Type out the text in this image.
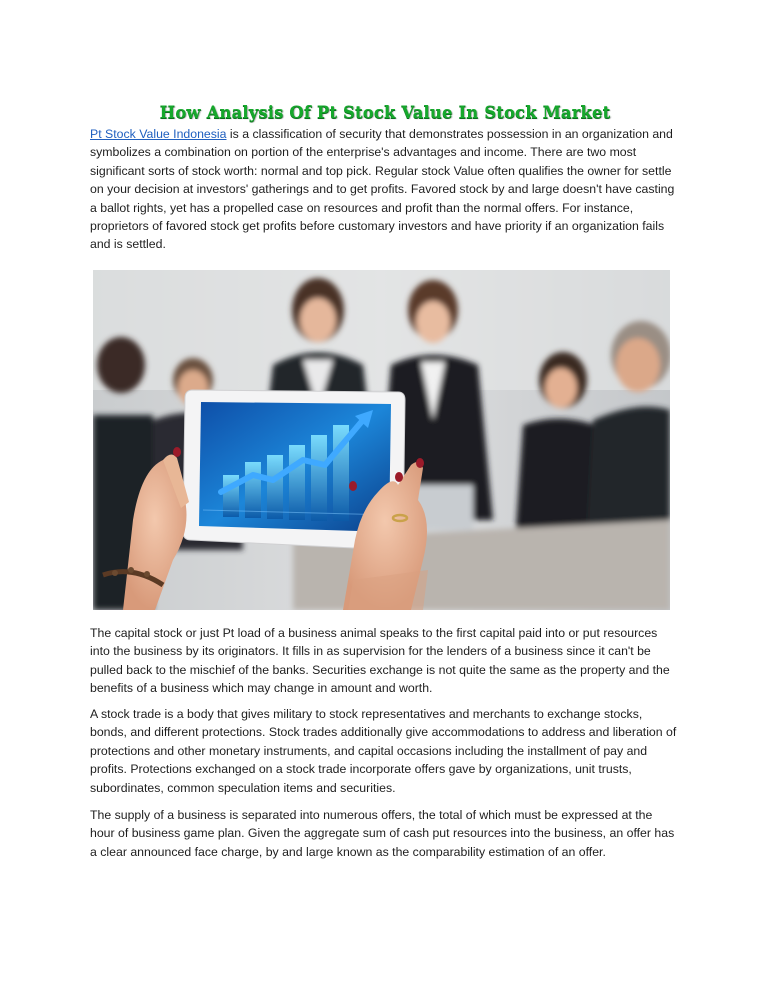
How Analysis Of Pt Stock Value In Stock Market

Pt Stock Value Indonesia is a classification of security that demonstrates possession in an organization and symbolizes a combination on portion of the enterprise's advantages and income. There are two most significant sorts of stock worth: normal and top pick. Regular stock Value often qualifies the owner for settle on your decision at investors' gatherings and to get profits. Favored stock by and large doesn't have casting a ballot rights, yet has a propelled case on resources and profit than the normal offers. For instance, proprietors of favored stock get profits before customary investors and have priority if an organization fails and is settled.

The capital stock or just Pt load of a business animal speaks to the first capital paid into or put resources into the business by its originators. It fills in as supervision for the lenders of a business since it can't be pulled back to the mischief of the banks. Securities exchange is not quite the same as the property and the benefits of a business which may change in amount and worth.

A stock trade is a body that gives military to stock representatives and merchants to exchange stocks, bonds, and different protections. Stock trades additionally give accommodations to address and liberation of protections and other monetary instruments, and capital occasions including the installment of pay and profits. Protections exchanged on a stock trade incorporate offers gave by organizations, unit trusts, subordinates, common speculation items and securities.

The supply of a business is separated into numerous offers, the total of which must be expressed at the hour of business game plan. Given the aggregate sum of cash put resources into the business, an offer has a clear announced face charge, by and large known as the comparability estimation of an offer.
